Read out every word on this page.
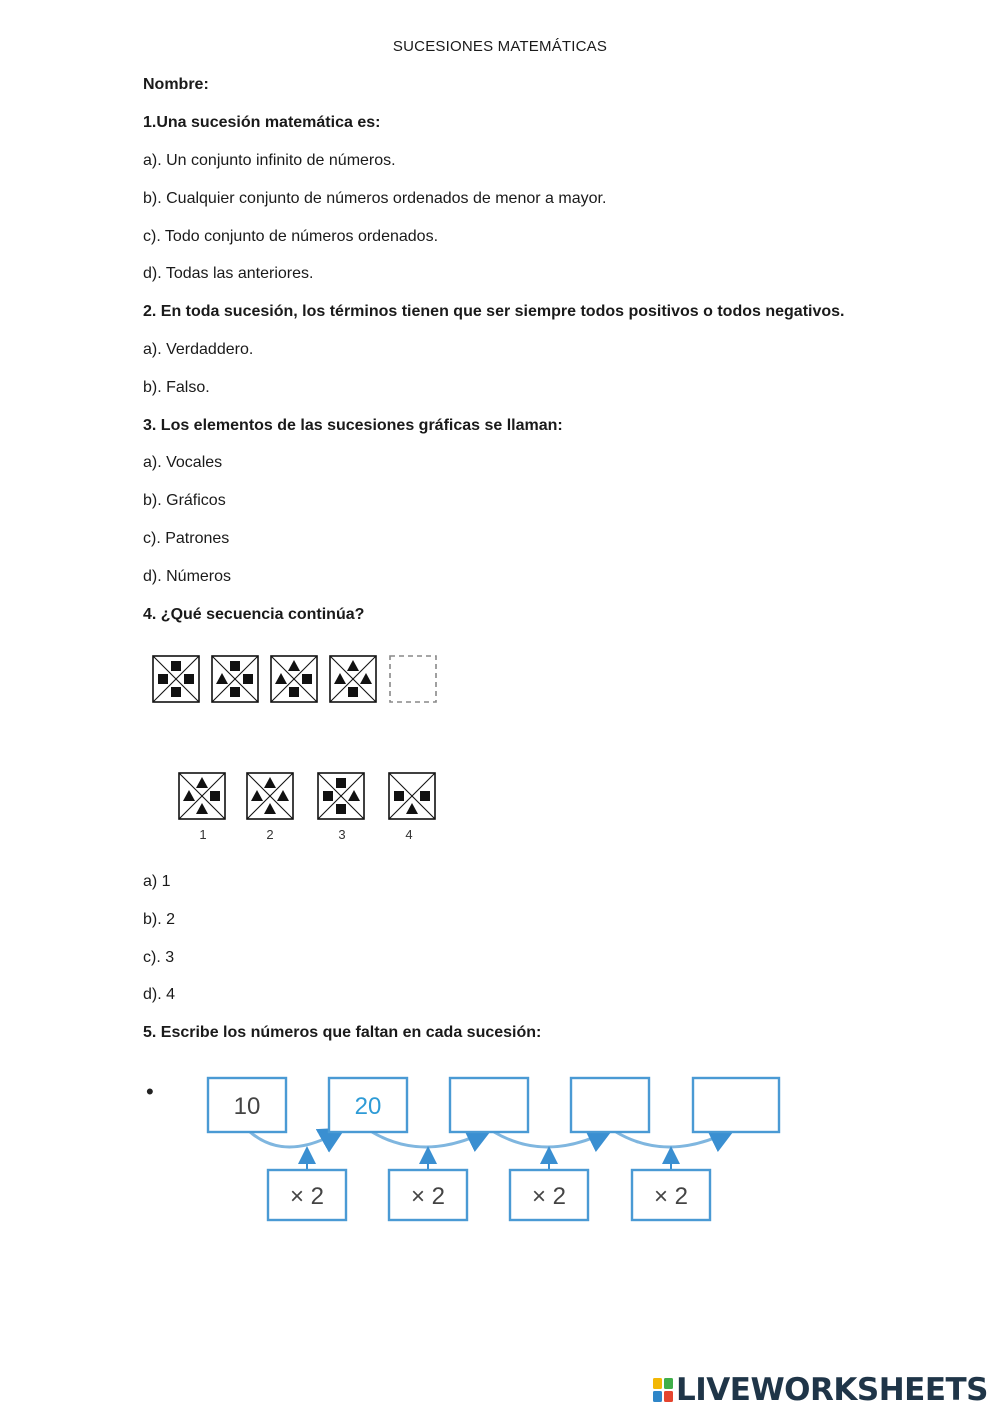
SUCESIONES MATEMÁTICAS
Nombre:
1.Una sucesión matemática es:
a). Un conjunto infinito de números.
b). Cualquier conjunto de números ordenados de menor a mayor.
c). Todo conjunto de números ordenados.
d). Todas las anteriores.
2. En toda sucesión, los términos tienen que ser siempre todos positivos o todos negativos.
a). Verdaddero.
b). Falso.
3. Los elementos de las sucesiones gráficas se llaman:
a). Vocales
b). Gráficos
c). Patrones
d). Números
4. ¿Qué secuencia continúa?
1	2	3	4
a) 1
b). 2
c). 3
d). 4
5. Escribe los números que faltan en cada sucesión:
•
10	20
× 2	× 2	× 2	× 2
LIVEWORKSHEETS
